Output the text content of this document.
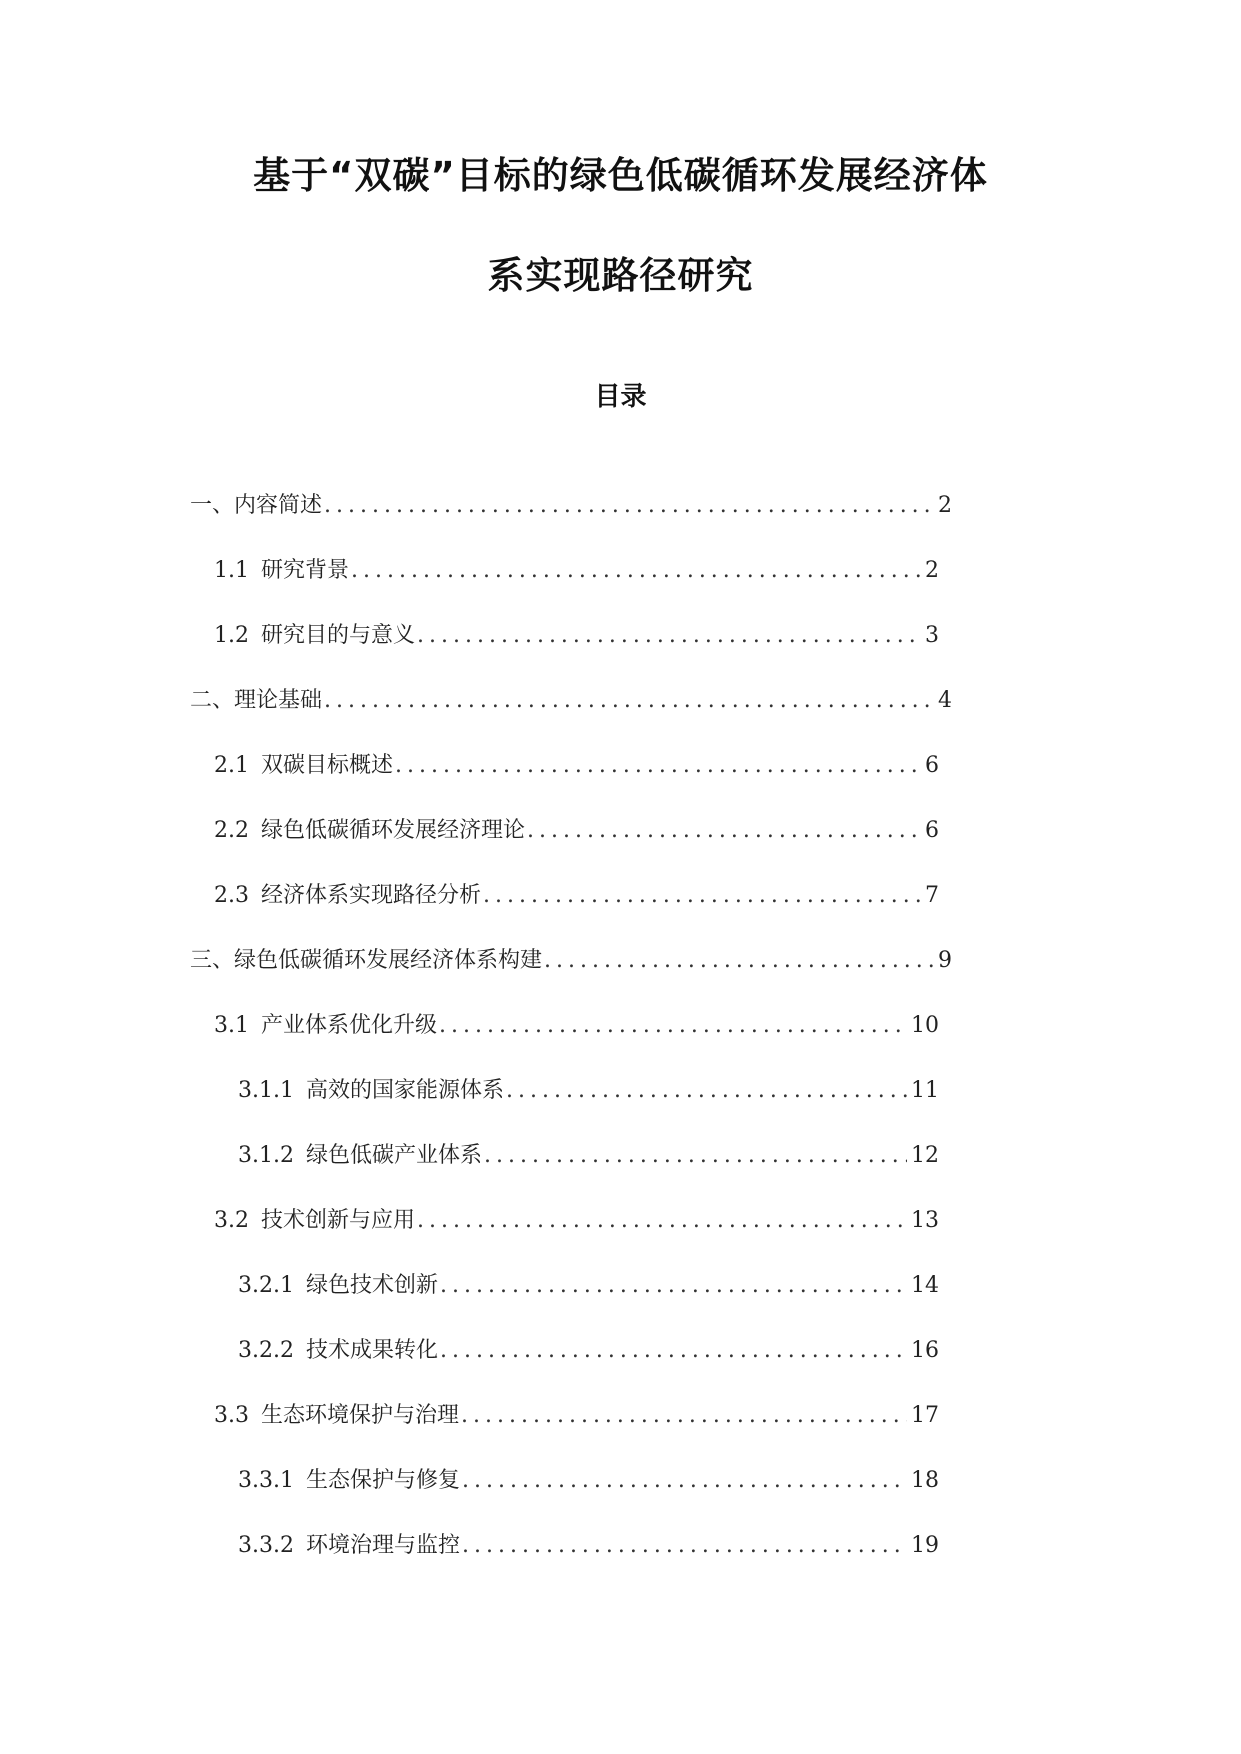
基于“双碳”目标的绿色低碳循环发展经济体
系实现路径研究
目录
一、内容简述 .....	2
1.1 研究背景 .....	2
1.2 研究目的与意义 .....	3
二、理论基础 .....	4
2.1 双碳目标概述 .....	6
2.2 绿色低碳循环发展经济理论 .....	6
2.3 经济体系实现路径分析 .....	7
三、绿色低碳循环发展经济体系构建 .....	9
3.1 产业体系优化升级 .....	10
3.1.1 高效的国家能源体系 .....	11
3.1.2 绿色低碳产业体系 .....	12
3.2 技术创新与应用 .....	13
3.2.1 绿色技术创新 .....	14
3.2.2 技术成果转化 .....	16
3.3 生态环境保护与治理 .....	17
3.3.1 生态保护与修复 .....	18
3.3.2 环境治理与监控 .....	19
